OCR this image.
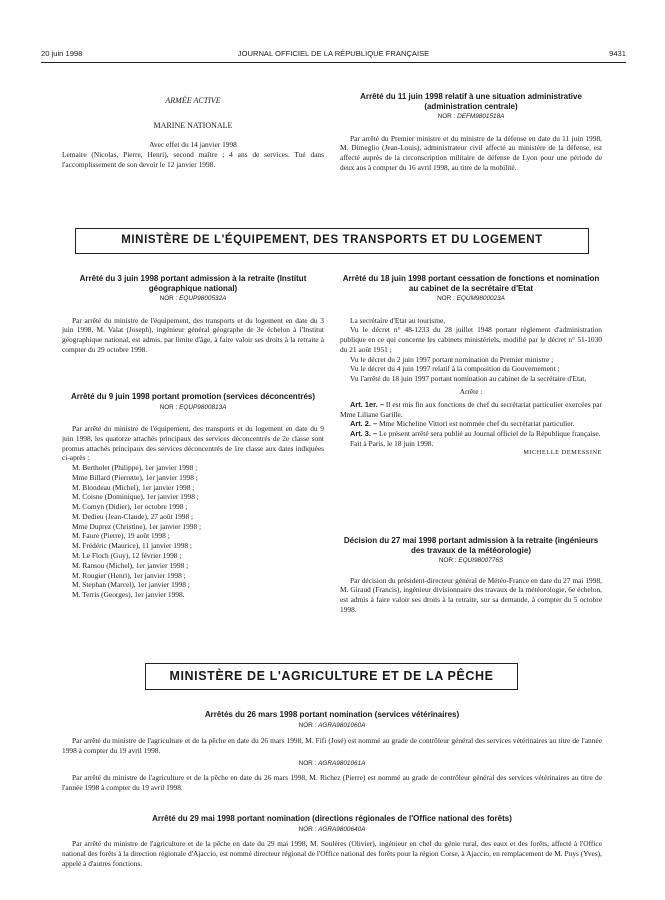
20 juin 1998	JOURNAL OFFICIEL DE LA RÉPUBLIQUE FRANÇAISE	9431
ARMÉE ACTIVE
MARINE NATIONALE
Avec effet du 14 janvier 1998

Lemaire (Nicolas, Pierre, Henri), second maître ; 4 ans de services. Tué dans l'accomplissement de son devoir le 12 janvier 1998.

Arrêté du 11 juin 1998 relatif à une situation administrative (administration centrale)
NOR : DEFM9801518A

Par arrêté du Premier ministre et du ministre de la défense en date du 11 juin 1998, M. Dimeglio (Jean-Louis), administrateur civil affecté au ministère de la défense, est affecté auprès de la circonscription militaire de défense de Lyon pour une période de deux ans à compter du 16 avril 1998, au titre de la mobilité.

MINISTÈRE DE L'ÉQUIPEMENT, DES TRANSPORTS ET DU LOGEMENT
Arrêté du 3 juin 1998 portant admission à la retraite (Institut géographique national)
NOR : EQUP9800532A

Par arrêté du ministre de l'équipement, des transports et du logement en date du 3 juin 1998, M. Valat (Joseph), ingénieur général géographe de 3e échelon à l'Institut géographique national, est admis, par limite d'âge, à faire valoir ses droits à la retraite à compter du 29 octobre 1998.

Arrêté du 9 juin 1998 portant promotion (services déconcentrés)
NOR : EQUP9800813A

Par arrêté du ministre de l'équipement, des transports et du logement en date du 9 juin 1998, les quatorze attachés principaux des services déconcentrés de 2e classe sont promus attachés principaux des services déconcentrés de 1re classe aux dates indiquées ci-après :

M. Bertholet (Philippe), 1er janvier 1998 ;
Mme Billard (Pierrette), 1er janvier 1998 ;
M. Blondeau (Michel), 1er janvier 1998 ;
M. Coisne (Dominique), 1er janvier 1998 ;
M. Comyn (Didier), 1er octobre 1998 ;
M. Dedieu (Jean-Claude), 27 août 1998 ;
Mme Duprez (Christine), 1er janvier 1998 ;
M. Faure (Pierre), 19 août 1998 ;
M. Frédéric (Maurice), 11 janvier 1998 ;
M. Le Floch (Guy), 12 février 1998 ;
M. Ransou (Michel), 1er janvier 1998 ;
M. Rougier (Henri), 1er janvier 1998 ;
M. Stephan (Marcel), 1er janvier 1998 ;
M. Terris (Georges), 1er janvier 1998.
Arrêté du 18 juin 1998 portant cessation de fonctions et nomination au cabinet de la secrétaire d'Etat
NOR : EQUM9800023A

La secrétaire d'Etat au tourisme,

Vu le décret n° 48-1233 du 28 juillet 1948 portant règlement d'administration publique en ce qui concerne les cabinets ministériels, modifié par le décret n° 51-1030 du 21 août 1951 ;

Vu le décret du 2 juin 1997 portant nomination du Premier ministre ;

Vu le décret du 4 juin 1997 relatif à la composition du Gouvernement ;

Vu l'arrêté du 18 juin 1997 portant nomination au cabinet de la secrétaire d'Etat,

Arrête :

Art. 1er. – Il est mis fin aux fonctions de chef du secrétariat particulier exercées par Mme Liliane Garille.

Art. 2. – Mme Micheline Vittori est nommée chef du secrétariat particulier.

Art. 3. – Le présent arrêté sera publié au Journal officiel de la République française.

Fait à Paris, le 18 juin 1998.

MICHELLE DEMESSINE
Décision du 27 mai 1998 portant admission à la retraite (ingénieurs des travaux de la météorologie)
NOR : EQUI9800776S

Par décision du président-directeur général de Météo-France en date du 27 mai 1998, M. Giraud (Francis), ingénieur divisionnaire des travaux de la météorologie, 6e échelon, est admis à faire valoir ses droits à la retraite, sur sa demande, à compter du 5 octobre 1998.

MINISTÈRE DE L'AGRICULTURE ET DE LA PÊCHE
Arrêtés du 26 mars 1998 portant nomination (services vétérinaires)
NOR : AGRA9801060A

Par arrêté du ministre de l'agriculture et de la pêche en date du 26 mars 1998, M. Fifi (José) est nommé au grade de contrôleur général des services vétérinaires au titre de l'année 1998 à compter du 19 avril 1998.

NOR : AGRA9801061A

Par arrêté du ministre de l'agriculture et de la pêche en date du 26 mars 1998, M. Richez (Pierre) est nommé au grade de contrôleur général des services vétérinaires au titre de l'année 1998 à compter du 19 avril 1998.

Arrêté du 29 mai 1998 portant nomination (directions régionales de l'Office national des forêts)
NOR : AGRA9800640A

Par arrêté du ministre de l'agriculture et de la pêche en date du 29 mai 1998, M. Soulères (Olivier), ingénieur en chef du génie rural, des eaux et des forêts, affecté à l'Office national des forêts à la direction régionale d'Ajaccio, est nommé directeur régional de l'Office national des forêts pour la région Corse, à Ajaccio, en remplacement de M. Puys (Yves), appelé à d'autres fonctions.
